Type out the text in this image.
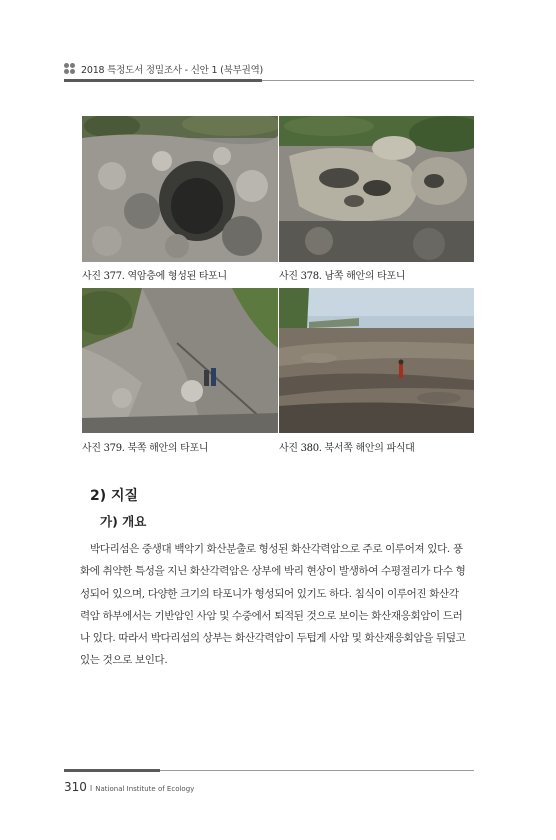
2018 특정도서 정밀조사 - 신안 1 (북부권역)
사진 377. 역암층에 형성된 타포니	사진 378. 남쪽 해안의 타포니
사진 379. 북쪽 해안의 타포니	사진 380. 북서쪽 해안의 파식대
2) 지질
가) 개요
박다리섬은 중생대 백악기 화산분출로 형성된 화산각력암으로 주로 이루어져 있다. 풍
화에 취약한 특성을 지닌 화산각력암은 상부에 박리 현상이 발생하여 수평절리가 다수 형
성되어 있으며, 다양한 크기의 타포니가 형성되어 있기도 하다. 침식이 이루어진 화산각
력암 하부에서는 기반암인 사암 및 수중에서 퇴적된 것으로 보이는 화산재응회암이 드러
나 있다. 따라서 박다리섬의 상부는 화산각력암이 두텁게 사암 및 화산재응회암을 뒤덮고
있는 것으로 보인다.
310 I National Institute of Ecology
